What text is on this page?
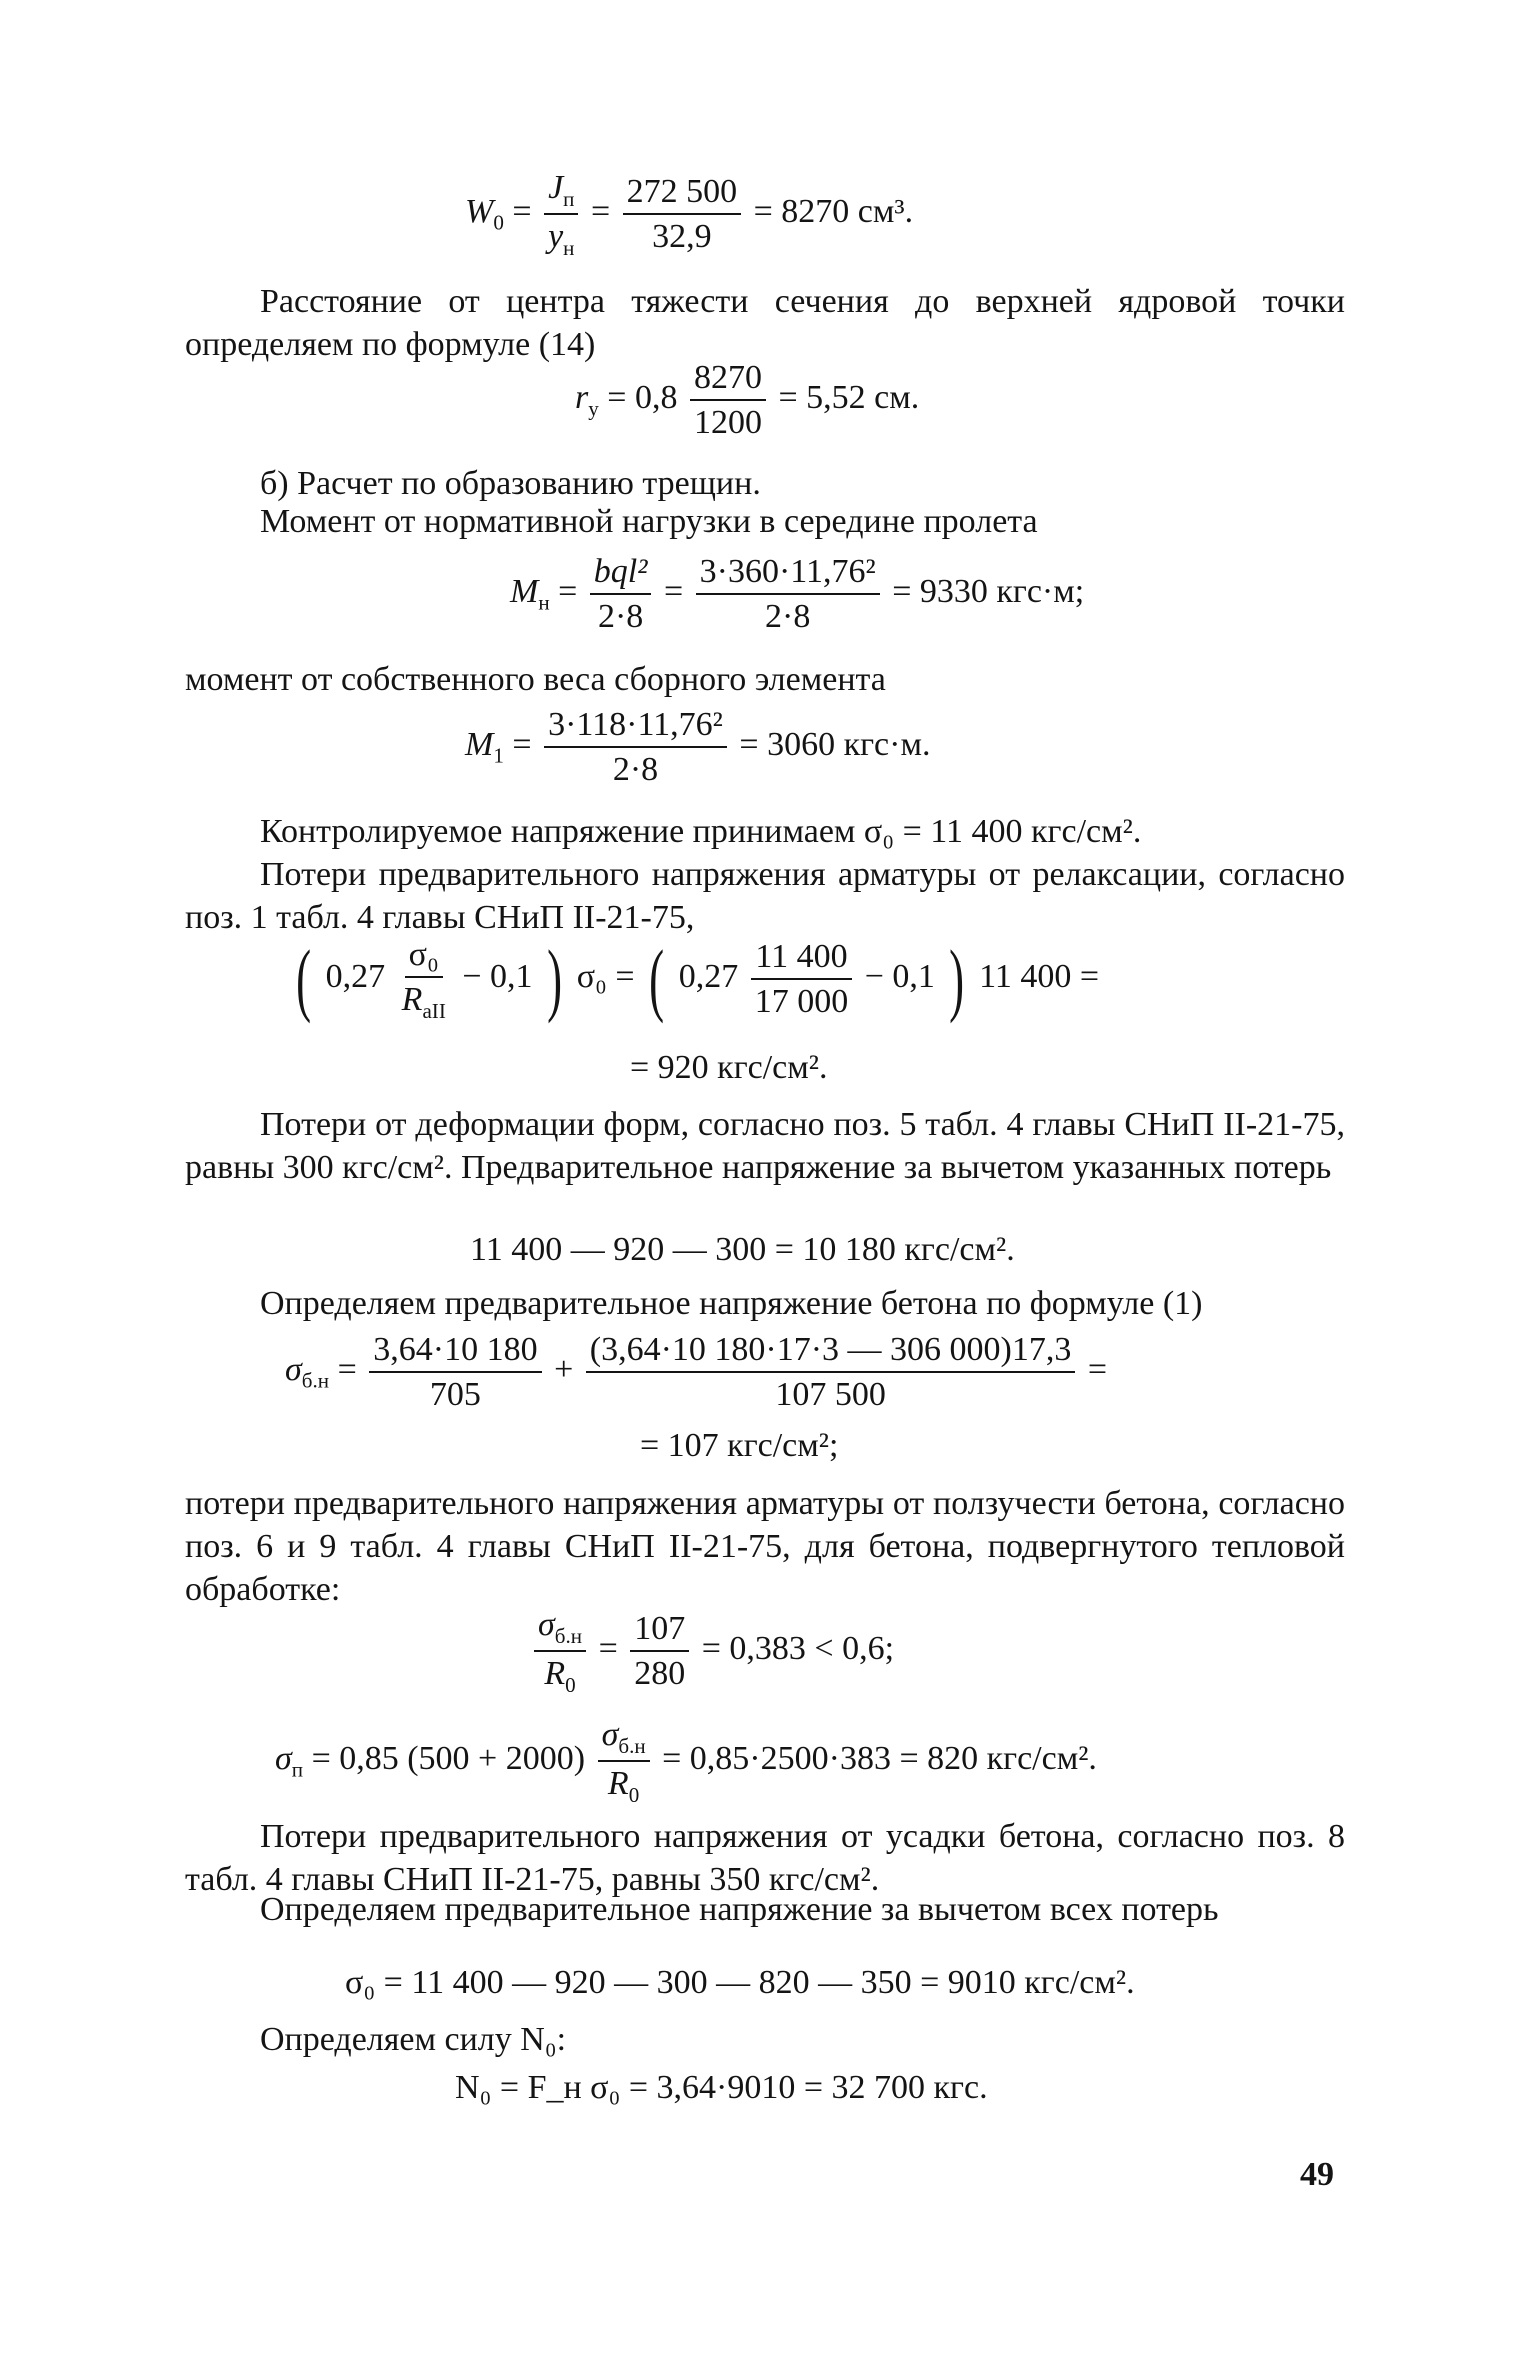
$W_0 = \frac{J_п}{y_н} = \frac{272 500}{32,9} = 8270$ см³.
Расстояние от центра тяжести сечения до верхней ядровой точки определяем по формуле (14)
$r_у = 0,8 \frac{8270}{1200} = 5,52$ см.
б) Расчет по образованию трещин.
Момент от нормативной нагрузки в середине пролета
$M_н = \frac{\text{bql²}}{2\cdot 8} = \frac{\text{3·360·11,76²}}{2\cdot 8} = 9330$ кгс·м;
момент от собственного веса сборного элемента
$M_1 = \frac{\text{3·118·11,76²}}{2\cdot 8} = 3060$ кгс·м.
Контролируемое напряжение принимаем σ₀ = 11 400 кгс/см².
Потери предварительного напряжения арматуры от релаксации, согласно поз. 1 табл. 4 главы СНиП II-21-75,
( $0,27 \frac{\text{σ₀}}{R_{aII}} - 0,1$ ) σ₀ = ( $0,27 \frac{11 400}{17 000} - 0,1$ ) 11 400 =
= 920 кгс/см².
Потери от деформации форм, согласно поз. 5 табл. 4 главы СНиП II-21-75, равны 300 кгс/см². Предварительное напряжение за вычетом указанных потерь
11 400 — 920 — 300 = 10 180 кгс/см².
Определяем предварительное напряжение бетона по формуле (1)
$\sigma_{б.н} = \frac{3,64\cdot 10 180}{705} + \frac{(3,64\cdot 10 180\cdot 17\cdot 3 — 306 000)17,3}{107 500}$ =
= 107 кгс/см²;
потери предварительного напряжения арматуры от ползучести бетона, согласно поз. 6 и 9 табл. 4 главы СНиП II-21-75, для бетона, подвергнутого тепловой обработке:
$\frac{\sigma_{б.н}}{R_0} = \frac{107}{280} = 0,383 < 0,6$;
$\sigma_п = 0,85$ $(500 + 2000) \frac{\sigma_{б.н}}{R_0} = 0,85\cdot 2500\cdot 383 = 820$ кгс/см².
Потери предварительного напряжения от усадки бетона, согласно поз. 8 табл. 4 главы СНиП II-21-75, равны 350 кгс/см².
Определяем предварительное напряжение за вычетом всех потерь
σ₀ = 11 400 — 920 — 300 — 820 — 350 = 9010 кгс/см².
Определяем силу N₀:
N₀ = F_н σ₀ = 3,64·9010 = 32 700 кгс.
49
